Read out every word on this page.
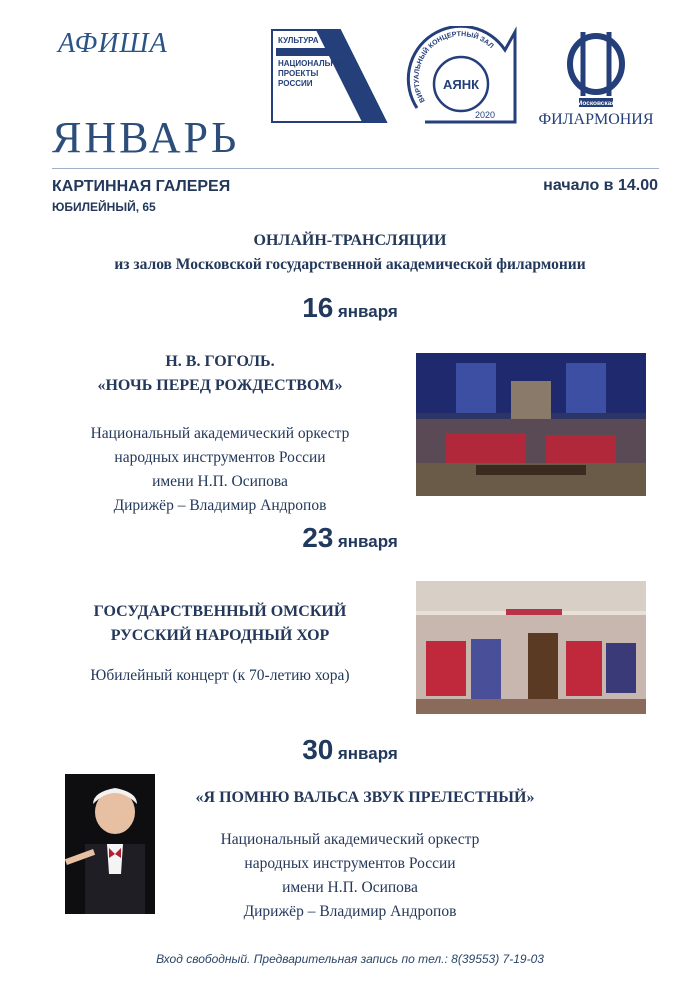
АФИША
ЯНВАРЬ
КАРТИННАЯ ГАЛЕРЕЯ
ЮБИЛЕЙНЫЙ, 65
начало в 14.00
КУЛЬТУРА
НАЦИОНАЛЬНЫЕ
ПРОЕКТЫ
РОССИИ
ВИРТУАЛЬНЫЙ КОНЦЕРТНЫЙ ЗАЛ
АЯНК
2020
Московская
ФИЛАРМОНИЯ
ОНЛАЙН-ТРАНСЛЯЦИИ
из залов Московской государственной академической филармонии
16 января
Н. В. ГОГОЛЬ.
«НОЧЬ ПЕРЕД РОЖДЕСТВОМ»
Национальный академический оркестр
народных инструментов России
имени Н.П. Осипова
Дирижёр – Владимир Андропов
23 января
ГОСУДАРСТВЕННЫЙ ОМСКИЙ
РУССКИЙ НАРОДНЫЙ ХОР
Юбилейный концерт (к 70-летию хора)
30 января
«Я ПОМНЮ ВАЛЬСА ЗВУК ПРЕЛЕСТНЫЙ»
Национальный академический оркестр
народных инструментов России
имени Н.П. Осипова
Дирижёр – Владимир Андропов
Вход свободный. Предварительная запись по тел.: 8(39553) 7-19-03
